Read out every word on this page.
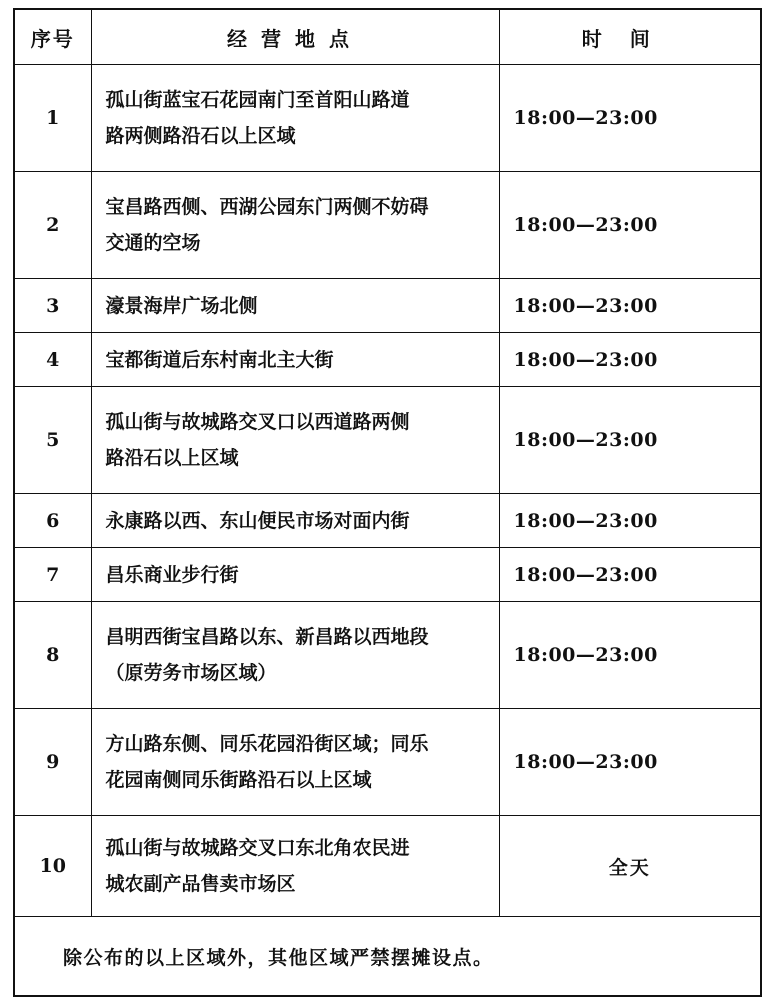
序号	经营地点	时间
1	孤山街蓝宝石花园南门至首阳山路道
路两侧路沿石以上区域	18:00—23:00
2	宝昌路西侧、西湖公园东门两侧不妨碍
交通的空场	18:00—23:00
3	濠景海岸广场北侧	18:00—23:00
4	宝都街道后东村南北主大街	18:00—23:00
5	孤山街与故城路交叉口以西道路两侧
路沿石以上区域	18:00—23:00
6	永康路以西、东山便民市场对面内街	18:00—23:00
7	昌乐商业步行街	18:00—23:00
8	昌明西街宝昌路以东、新昌路以西地段
（原劳务市场区域）	18:00—23:00
9	方山路东侧、同乐花园沿街区域；同乐
花园南侧同乐街路沿石以上区域	18:00—23:00
10	孤山街与故城路交叉口东北角农民进
城农副产品售卖市场区	全天
除公布的以上区域外，其他区域严禁摆摊设点。		
